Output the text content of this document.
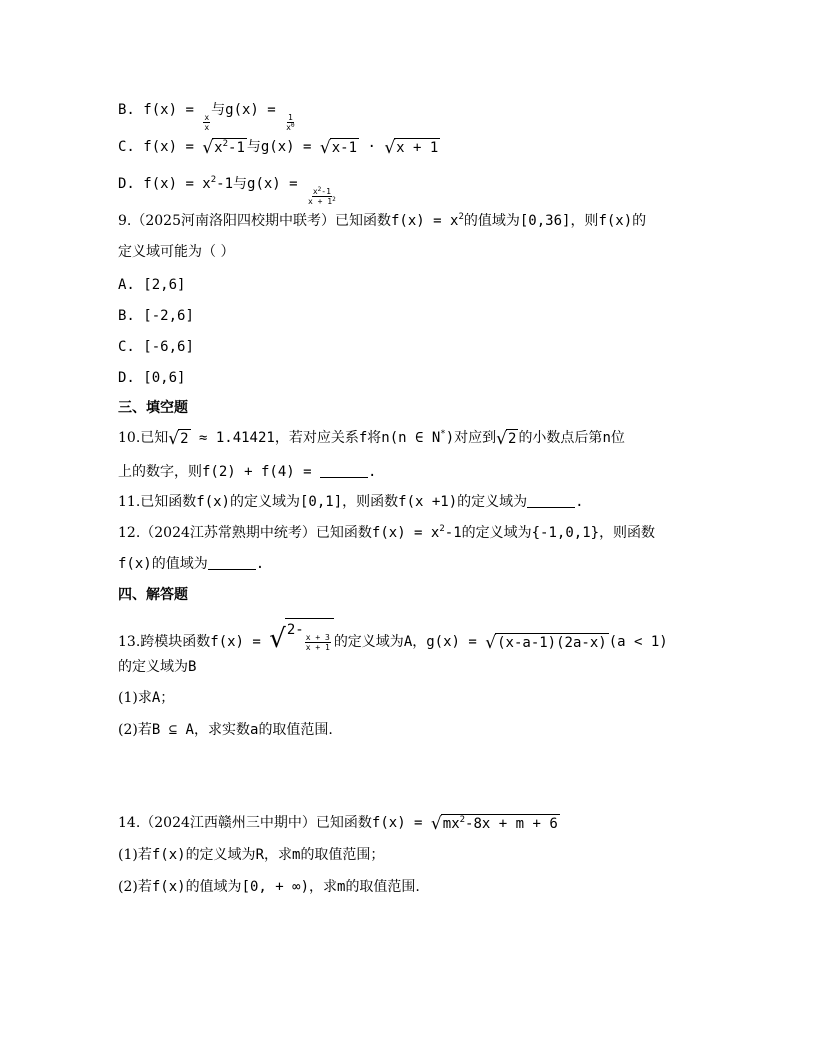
B. f(x) =
$\frac{x}{x}$
与g(x) =
$\frac{1}{x^0}$
C. f(x) = √ $x^2-1$ 与g(x) = √ x-1 · √ x + 1
D. $f(x) = x^2-1$与g(x) =
$\frac{x^2-1}{x + 1^2}$
9.（2025河南洛阳四校期中联考）已知函数$f(x) = x^2$的值域为[0,36]，则f(x)的
定义域可能为（ ）
A. [2,6]
B. [-2,6]
C. [-6,6]
D. [0,6]
三、填空题
10.已知 √ 2 ≈ 1.41421，若对应关系f将n(n ∈ N*)对应到 √ 2 的小数点后第n位
上的数字，则f(2) + f(4) =	.
11.已知函数f(x)的定义域为[0,1]，则函数f(x +1)的定义域为	.
12.（2024江苏常熟期中统考）已知函数$f(x) = x^2-1$的定义域为{-1,0,1}，则函数
f(x)的值域为	.
四、解答题
13.跨模块函数f(x) = √ 2-
$\frac{x + 3}{x + 1}$ 的定义域为A，g(x) = √ (x-a-1)(2a-x) (a < 1)
的定义域为B
(1)求A；
(2)若B ⊆ A，求实数a的取值范围.
14.（2024江西赣州三中期中）已知函数f(x) = √ $mx^2-8x + m + 6$
(1)若f(x)的定义域为R，求m的取值范围；
(2)若f(x)的值域为[0, + ∞)，求m的取值范围.
